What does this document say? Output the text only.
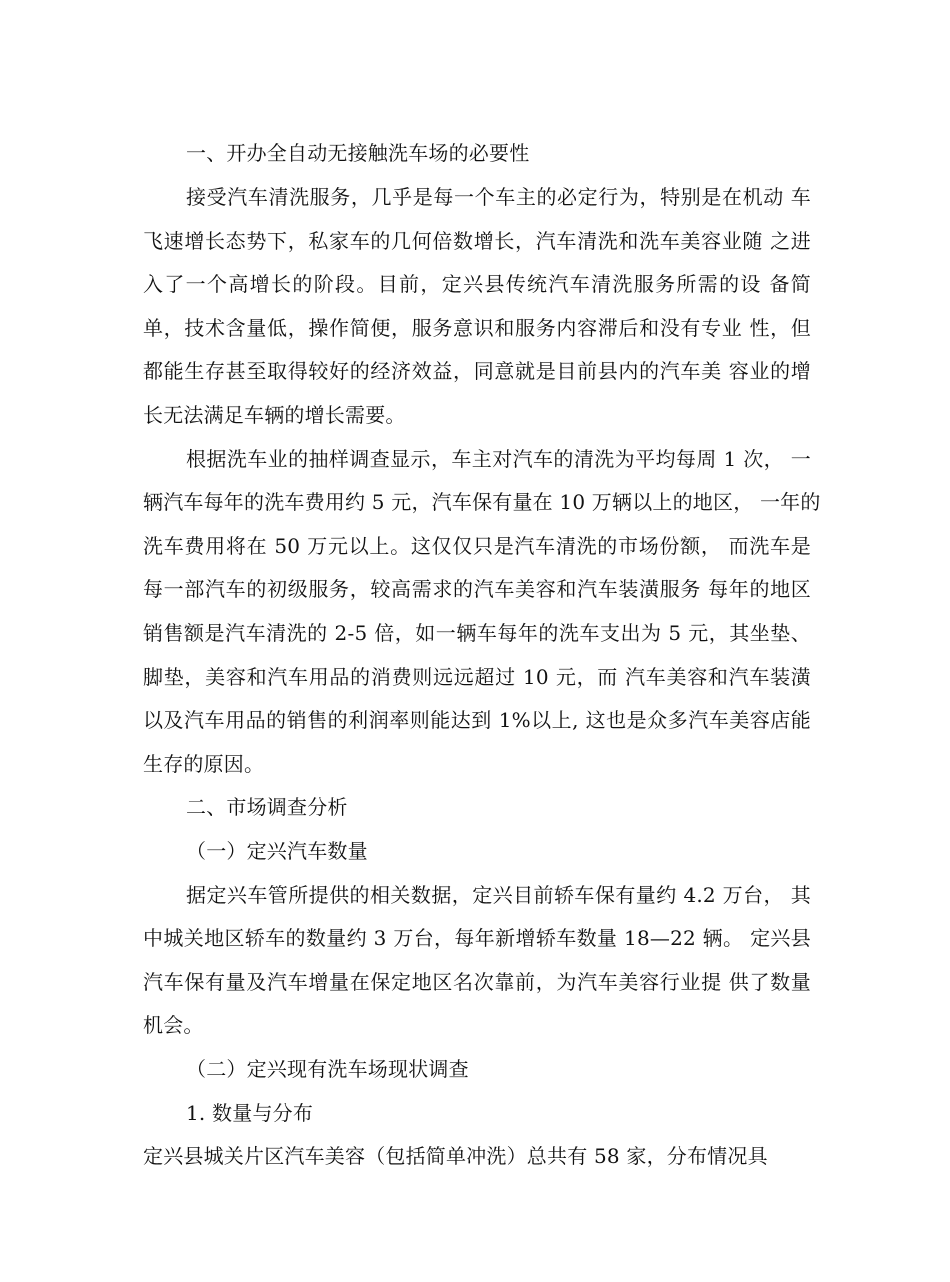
一、开办全自动无接触洗车场的必要性
接受汽车清洗服务，几乎是每一个车主的必定行为，特别是在机动 车
飞速增长态势下，私家车的几何倍数增长，汽车清洗和洗车美容业随 之进
入了一个高增长的阶段。目前，定兴县传统汽车清洗服务所需的设 备简
单，技术含量低，操作简便，服务意识和服务内容滞后和没有专业 性，但
都能生存甚至取得较好的经济效益，同意就是目前县内的汽车美 容业的增
长无法满足车辆的增长需要。
根据洗车业的抽样调查显示，车主对汽车的清洗为平均每周 1 次， 一
辆汽车每年的洗车费用约 5 元，汽车保有量在 10 万辆以上的地区， 一年的
洗车费用将在 50 万元以上。这仅仅只是汽车清洗的市场份额， 而洗车是
每一部汽车的初级服务，较高需求的汽车美容和汽车装潢服务 每年的地区
销售额是汽车清洗的 2-5 倍，如一辆车每年的洗车支出为 5 元，其坐垫、
脚垫，美容和汽车用品的消费则远远超过 10 元，而 汽车美容和汽车装潢
以及汽车用品的销售的利润率则能达到 1%以上, 这也是众多汽车美容店能
生存的原因。
二、市场调查分析
（一）定兴汽车数量
据定兴车管所提供的相关数据，定兴目前轿车保有量约 4.2 万台， 其
中城关地区轿车的数量约 3 万台，每年新增轿车数量 18—22 辆。 定兴县
汽车保有量及汽车增量在保定地区名次靠前，为汽车美容行业提 供了数量
机会。
（二）定兴现有洗车场现状调查
1. 数量与分布
定兴县城关片区汽车美容（包括简单冲洗）总共有 58 家，分布情况具
